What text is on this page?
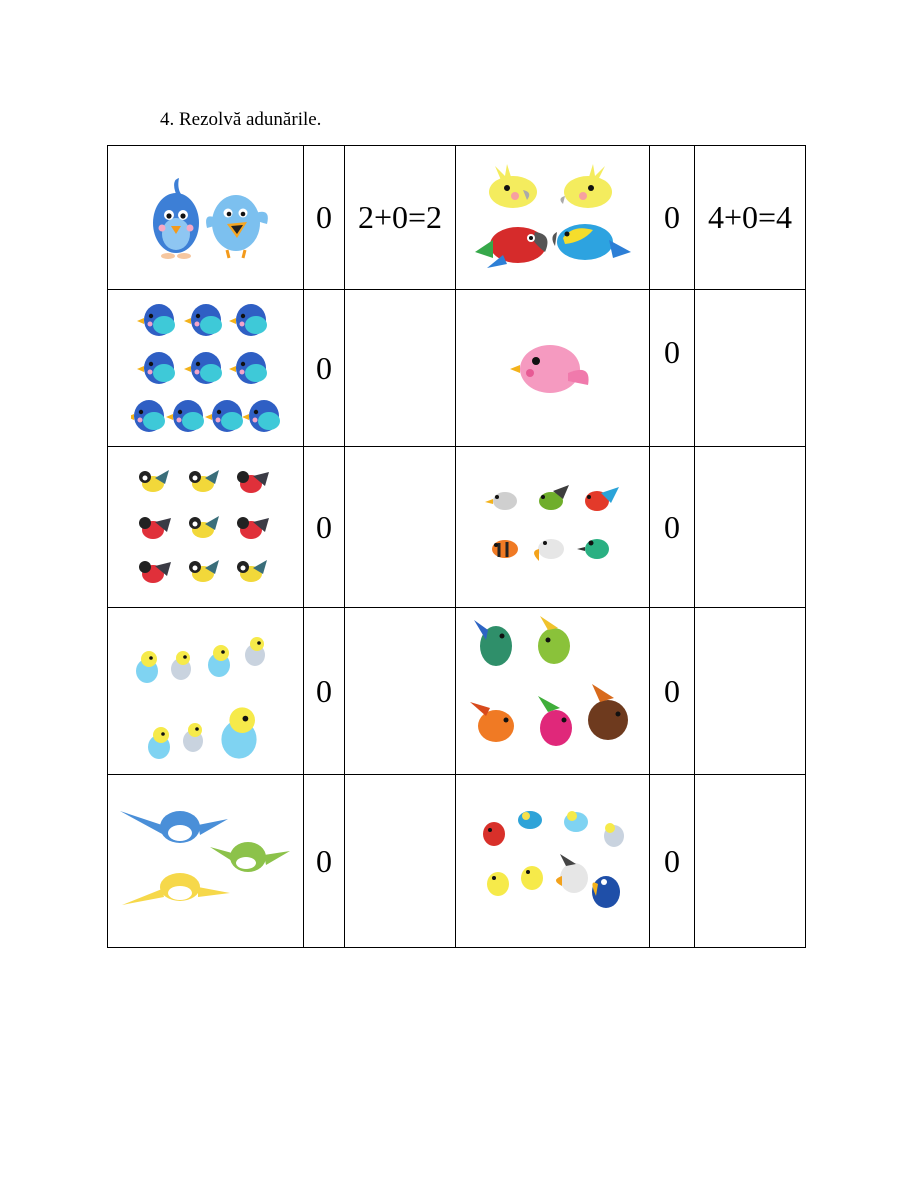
4. Rezolvă adunările.
	0	2+0=2		0	4+0=4

	0			0	

	0			0	

	0			0	

	0			0	
